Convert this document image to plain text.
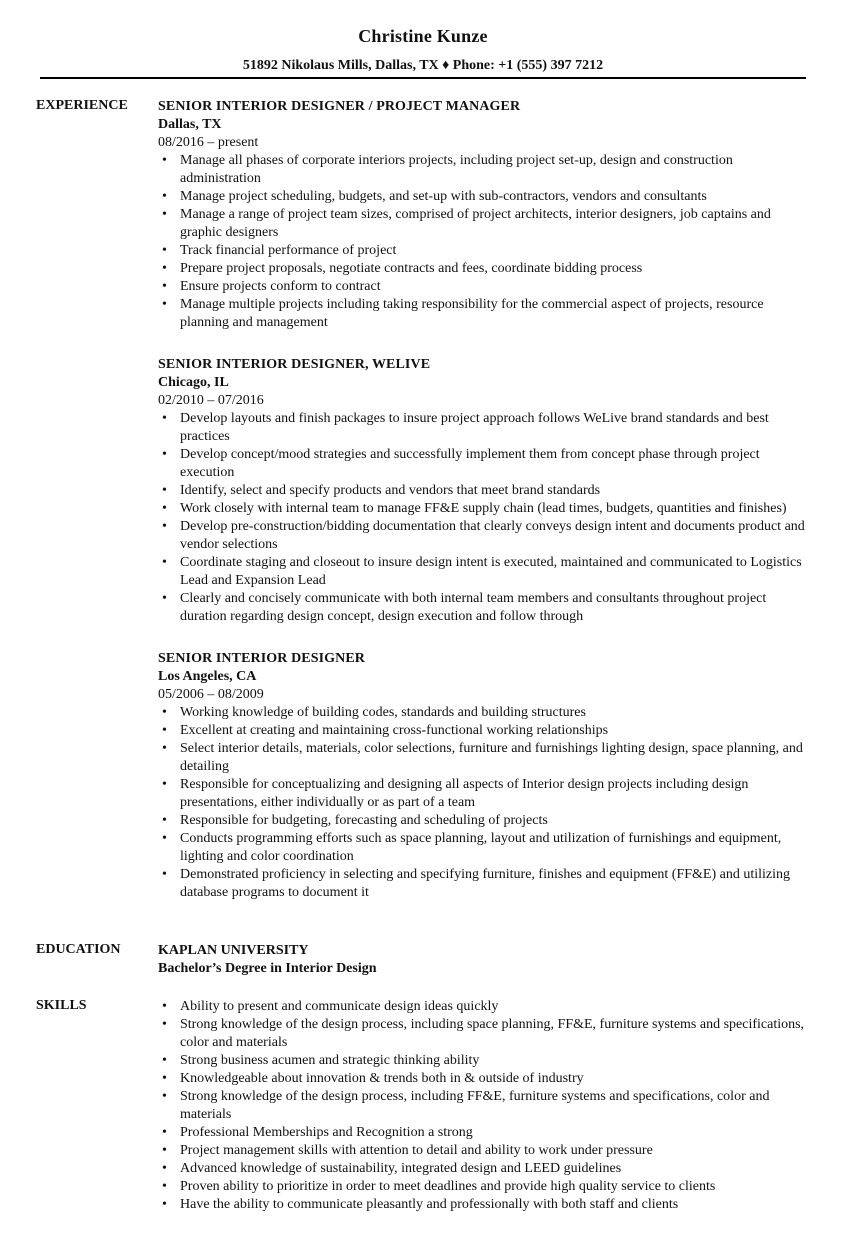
Christine Kunze
51892 Nikolaus Mills, Dallas, TX ♦ Phone: +1 (555) 397 7212
EXPERIENCE SENIOR INTERIOR DESIGNER / PROJECT MANAGER
Dallas, TX
08/2016 – present
• Manage all phases of corporate interiors projects, including project set-up, design and construction administration
• Manage project scheduling, budgets, and set-up with sub-contractors, vendors and consultants
• Manage a range of project team sizes, comprised of project architects, interior designers, job captains and graphic designers
• Track financial performance of project
• Prepare project proposals, negotiate contracts and fees, coordinate bidding process
• Ensure projects conform to contract
• Manage multiple projects including taking responsibility for the commercial aspect of projects, resource planning and management
SENIOR INTERIOR DESIGNER, WELIVE
Chicago, IL
02/2010 – 07/2016
• Develop layouts and finish packages to insure project approach follows WeLive brand standards and best practices
• Develop concept/mood strategies and successfully implement them from concept phase through project execution
• Identify, select and specify products and vendors that meet brand standards
• Work closely with internal team to manage FF&E supply chain (lead times, budgets, quantities and finishes)
• Develop pre-construction/bidding documentation that clearly conveys design intent and documents product and vendor selections
• Coordinate staging and closeout to insure design intent is executed, maintained and communicated to Logistics Lead and Expansion Lead
• Clearly and concisely communicate with both internal team members and consultants throughout project duration regarding design concept, design execution and follow through
SENIOR INTERIOR DESIGNER
Los Angeles, CA
05/2006 – 08/2009
• Working knowledge of building codes, standards and building structures
• Excellent at creating and maintaining cross-functional working relationships
• Select interior details, materials, color selections, furniture and furnishings lighting design, space planning, and detailing
• Responsible for conceptualizing and designing all aspects of Interior design projects including design presentations, either individually or as part of a team
• Responsible for budgeting, forecasting and scheduling of projects
• Conducts programming efforts such as space planning, layout and utilization of furnishings and equipment, lighting and color coordination
• Demonstrated proficiency in selecting and specifying furniture, finishes and equipment (FF&E) and utilizing database programs to document it
EDUCATION	KAPLAN UNIVERSITY
Bachelor’s Degree in Interior Design
SKILLS
•	Ability to present and communicate design ideas quickly
• Strong knowledge of the design process, including space planning, FF&E, furniture systems and specifications, color and materials
• Strong business acumen and strategic thinking ability
• Knowledgeable about innovation & trends both in & outside of industry
• Strong knowledge of the design process, including FF&E, furniture systems and specifications, color and materials
• Professional Memberships and Recognition a strong
• Project management skills with attention to detail and ability to work under pressure
• Advanced knowledge of sustainability, integrated design and LEED guidelines
• Proven ability to prioritize in order to meet deadlines and provide high quality service to clients
• Have the ability to communicate pleasantly and professionally with both staff and clients
